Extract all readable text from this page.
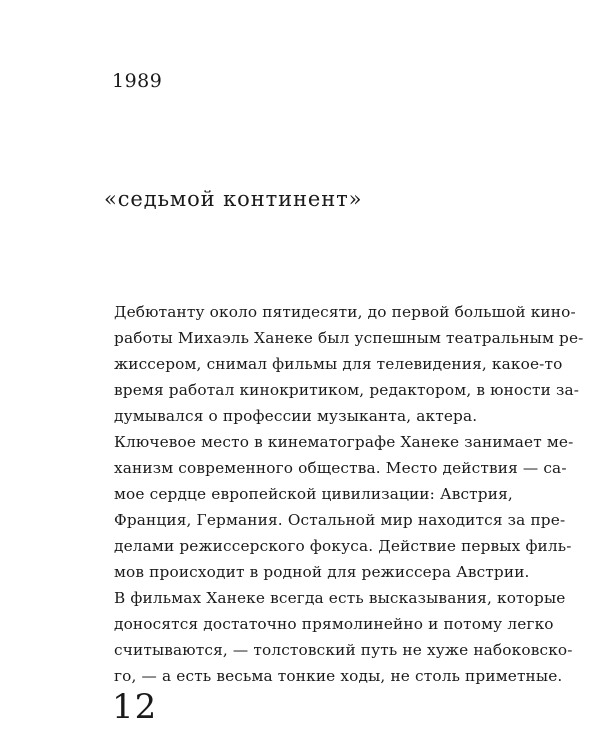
1989
«седьмой континент»
Дебютанту около пятидесяти, до первой большой кино-
работы Михаэль Ханеке был успешным театральным ре-
жиссером, снимал фильмы для телевидения, какое-то
время работал кинокритиком, редактором, в юности за-
думывался о профессии музыканта, актера.
Ключевое место в кинематографе Ханеке занимает ме-
ханизм современного общества. Место действия — са-
мое сердце европейской цивилизации: Австрия,
Франция, Германия. Остальной мир находится за пре-
делами режиссерского фокуса. Действие первых филь-
мов происходит в родной для режиссера Австрии.
В фильмах Ханеке всегда есть высказывания, которые
доносятся достаточно прямолинейно и потому легко
считываются, — толстовский путь не хуже набоковско-
го, — а есть весьма тонкие ходы, не столь приметные.
12
